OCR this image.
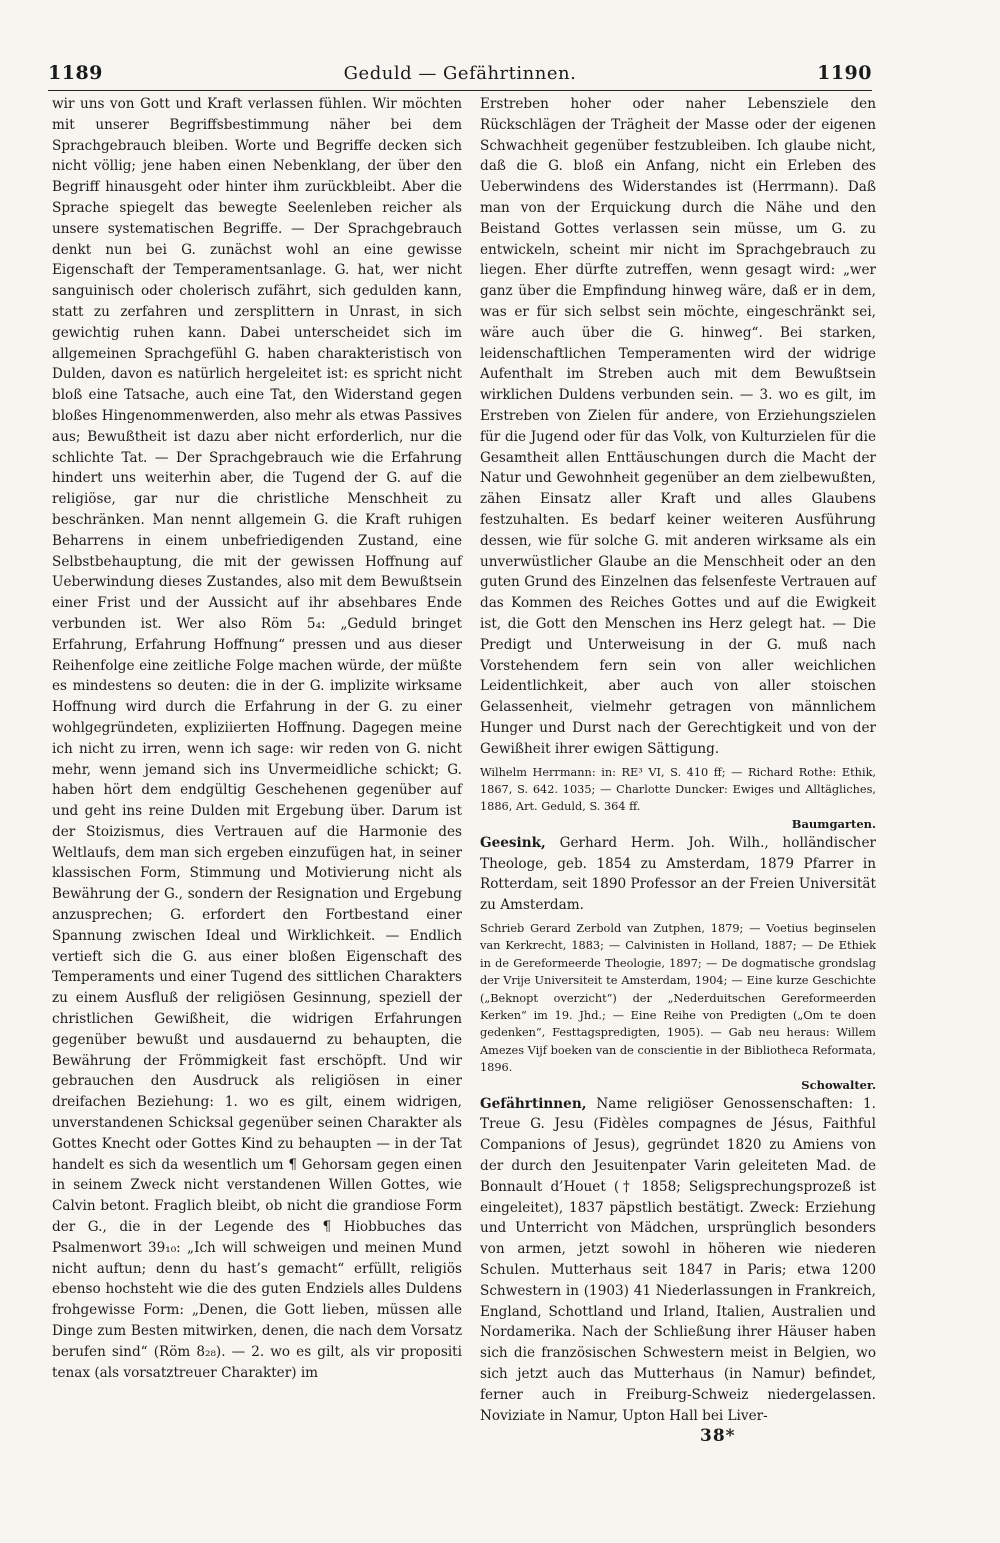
1189	Geduld — Gefährtinnen.	1190

wir uns von Gott und Kraft verlassen fühlen. Wir möchten mit unserer Begriffsbestimmung näher bei dem Sprachgebrauch bleiben. Worte und Begriffe decken sich nicht völlig; jene haben einen Nebenklang, der über den Begriff hinausgeht oder hinter ihm zurückbleibt. Aber die Sprache spiegelt das bewegte Seelenleben reicher als unsere systematischen Begriffe. — Der Sprachgebrauch denkt nun bei G. zunächst wohl an eine gewisse Eigenschaft der Temperamentsanlage. G. hat, wer nicht sanguinisch oder cholerisch zufährt, sich gedulden kann, statt zu zerfahren und zersplittern in Unrast, in sich gewichtig ruhen kann. Dabei unterscheidet sich im allgemeinen Sprachgefühl G. haben charakteristisch von Dulden, davon es natürlich hergeleitet ist: es spricht nicht bloß eine Tatsache, auch eine Tat, den Widerstand gegen bloßes Hingenommenwerden, also mehr als etwas Passives aus; Bewußtheit ist dazu aber nicht erforderlich, nur die schlichte Tat. — Der Sprachgebrauch wie die Erfahrung hindert uns weiterhin aber, die Tugend der G. auf die religiöse, gar nur die christliche Menschheit zu beschränken. Man nennt allgemein G. die Kraft ruhigen Beharrens in einem unbefriedigenden Zustand, eine Selbstbehauptung, die mit der gewissen Hoffnung auf Ueberwindung dieses Zustandes, also mit dem Bewußtsein einer Frist und der Aussicht auf ihr absehbares Ende verbunden ist. Wer also Röm 5₄: „Geduld bringet Erfahrung, Erfahrung Hoffnung“ pressen und aus dieser Reihenfolge eine zeitliche Folge machen würde, der müßte es mindestens so deuten: die in der G. implizite wirksame Hoffnung wird durch die Erfahrung in der G. zu einer wohlgegründeten, expliziierten Hoffnung. Dagegen meine ich nicht zu irren, wenn ich sage: wir reden von G. nicht mehr, wenn jemand sich ins Unvermeidliche schickt; G. haben hört dem endgültig Geschehenen gegenüber auf und geht ins reine Dulden mit Ergebung über. Darum ist der Stoizismus, dies Vertrauen auf die Harmonie des Weltlaufs, dem man sich ergeben einzufügen hat, in seiner klassischen Form, Stimmung und Motivierung nicht als Bewährung der G., sondern der Resignation und Ergebung anzusprechen; G. erfordert den Fortbestand einer Spannung zwischen Ideal und Wirklichkeit. — Endlich vertieft sich die G. aus einer bloßen Eigenschaft des Temperaments und einer Tugend des sittlichen Charakters zu einem Ausfluß der religiösen Gesinnung, speziell der christlichen Gewißheit, die widrigen Erfahrungen gegenüber bewußt und ausdauernd zu behaupten, die Bewährung der Frömmigkeit fast erschöpft. Und wir gebrauchen den Ausdruck als religiösen in einer dreifachen Beziehung: 1. wo es gilt, einem widrigen, unverstandenen Schicksal gegenüber seinen Charakter als Gottes Knecht oder Gottes Kind zu behaupten — in der Tat handelt es sich da wesentlich um ¶ Gehorsam gegen einen in seinem Zweck nicht verstandenen Willen Gottes, wie Calvin betont. Fraglich bleibt, ob nicht die grandiose Form der G., die in der Legende des ¶ Hiobbuches das Psalmenwort 39₁₀: „Ich will schweigen und meinen Mund nicht auftun; denn du hast’s gemacht“ erfüllt, religiös ebenso hochsteht wie die des guten Endziels alles Duldens frohgewisse Form: „Denen, die Gott lieben, müssen alle Dinge zum Besten mitwirken, denen, die nach dem Vorsatz berufen sind“ (Röm 8₂₈). — 2. wo es gilt, als vir propositi tenax (als vorsatztreuer Charakter) im

Erstreben hoher oder naher Lebensziele den Rückschlägen der Trägheit der Masse oder der eigenen Schwachheit gegenüber festzubleiben. Ich glaube nicht, daß die G. bloß ein Anfang, nicht ein Erleben des Ueberwindens des Widerstandes ist (Herrmann). Daß man von der Erquickung durch die Nähe und den Beistand Gottes verlassen sein müsse, um G. zu entwickeln, scheint mir nicht im Sprachgebrauch zu liegen. Eher dürfte zutreffen, wenn gesagt wird: „wer ganz über die Empfindung hinweg wäre, daß er in dem, was er für sich selbst sein möchte, eingeschränkt sei, wäre auch über die G. hinweg“. Bei starken, leidenschaftlichen Temperamenten wird der widrige Aufenthalt im Streben auch mit dem Bewußtsein wirklichen Duldens verbunden sein. — 3. wo es gilt, im Erstreben von Zielen für andere, von Erziehungszielen für die Jugend oder für das Volk, von Kulturzielen für die Gesamtheit allen Enttäuschungen durch die Macht der Natur und Gewohnheit gegenüber an dem zielbewußten, zähen Einsatz aller Kraft und alles Glaubens festzuhalten. Es bedarf keiner weiteren Ausführung dessen, wie für solche G. mit anderen wirksame als ein unverwüstlicher Glaube an die Menschheit oder an den guten Grund des Einzelnen das felsenfeste Vertrauen auf das Kommen des Reiches Gottes und auf die Ewigkeit ist, die Gott den Menschen ins Herz gelegt hat. — Die Predigt und Unterweisung in der G. muß nach Vorstehendem fern sein von aller weichlichen Leidentlichkeit, aber auch von aller stoischen Gelassenheit, vielmehr getragen von männlichem Hunger und Durst nach der Gerechtigkeit und von der Gewißheit ihrer ewigen Sättigung.

Wilhelm Herrmann: in: RE³ VI, S. 410 ff; — Richard Rothe: Ethik, 1867, S. 642. 1035; — Charlotte Duncker: Ewiges und Alltägliches, 1886, Art. Geduld, S. 364 ff.

Baumgarten.

Geesink, Gerhard Herm. Joh. Wilh., holländischer Theologe, geb. 1854 zu Amsterdam, 1879 Pfarrer in Rotterdam, seit 1890 Professor an der Freien Universität zu Amsterdam.

Schrieb Gerard Zerbold van Zutphen, 1879; — Voetius beginselen van Kerkrecht, 1883; — Calvinisten in Holland, 1887; — De Ethiek in de Gereformeerde Theologie, 1897; — De dogmatische grondslag der Vrije Universiteit te Amsterdam, 1904; — Eine kurze Geschichte („Beknopt overzicht“) der „Nederduitschen Gereformeerden Kerken“ im 19. Jhd.; — Eine Reihe von Predigten („Om te doen gedenken“, Festtagspredigten, 1905). — Gab neu heraus: Willem Amezes Vijf boeken van de conscientie in der Bibliotheca Reformata, 1896.

Schowalter.

Gefährtinnen, Name religiöser Genossenschaften: 1. Treue G. Jesu (Fidèles compagnes de Jésus, Faithful Companions of Jesus), gegründet 1820 zu Amiens von der durch den Jesuitenpater Varin geleiteten Mad. de Bonnault d’Houet († 1858; Seligsprechungsprozeß ist eingeleitet), 1837 päpstlich bestätigt. Zweck: Erziehung und Unterricht von Mädchen, ursprünglich besonders von armen, jetzt sowohl in höheren wie niederen Schulen. Mutterhaus seit 1847 in Paris; etwa 1200 Schwestern in (1903) 41 Niederlassungen in Frankreich, England, Schottland und Irland, Italien, Australien und Nordamerika. Nach der Schließung ihrer Häuser haben sich die französischen Schwestern meist in Belgien, wo sich jetzt auch das Mutterhaus (in Namur) befindet, ferner auch in Freiburg-Schweiz niedergelassen. Noviziate in Namur, Upton Hall bei Liver-

38*
